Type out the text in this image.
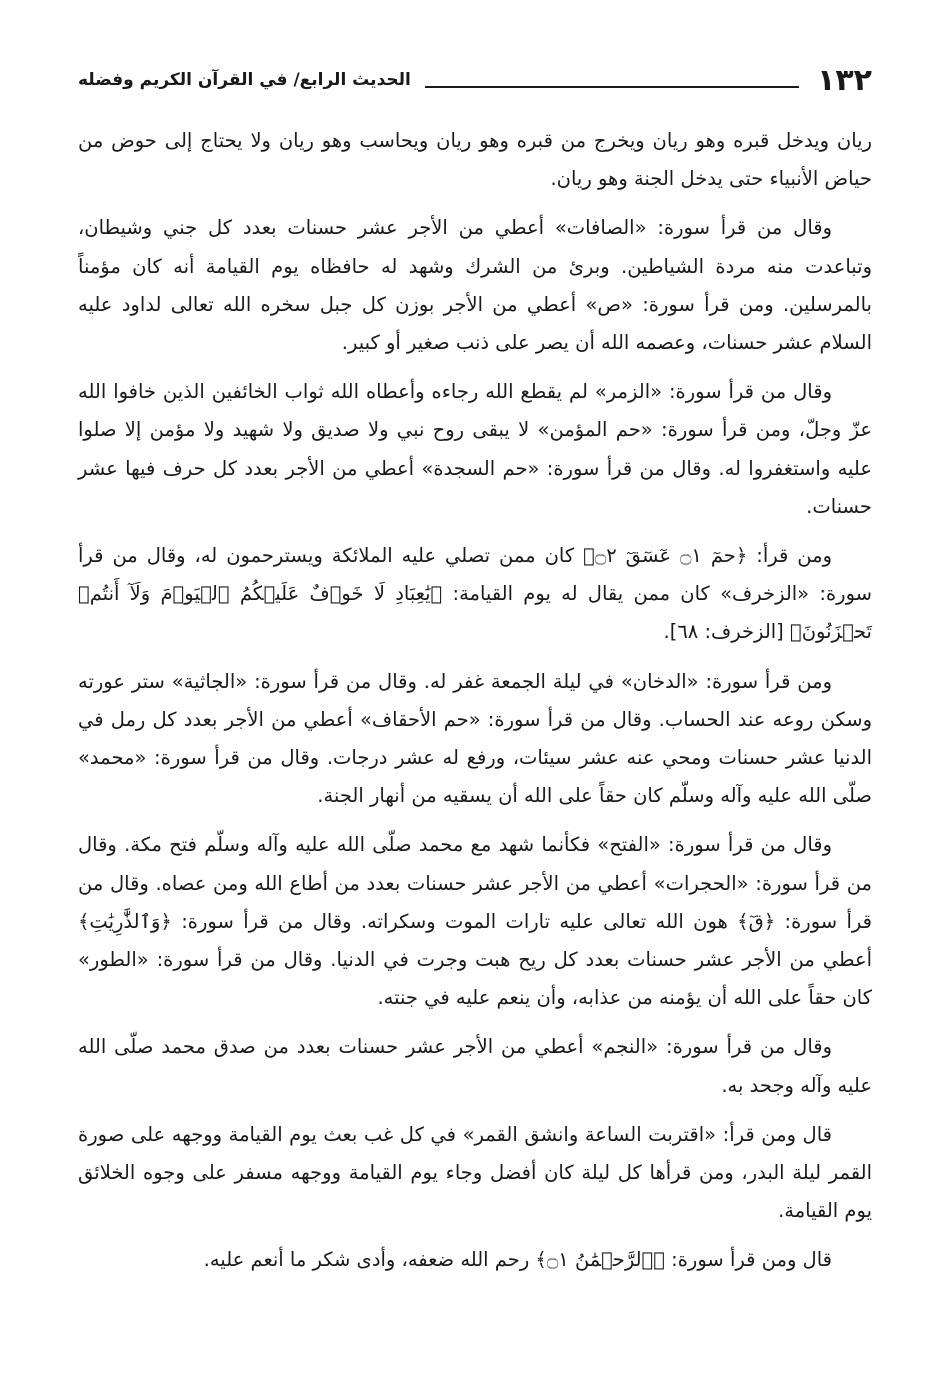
١٣٢
الحديث الرابع/ في القرآن الكريم وفضله

ريان ويدخل قبره وهو ريان ويخرج من قبره وهو ريان ويحاسب وهو ريان ولا يحتاج إلى حوض من حياض الأنبياء حتى يدخل الجنة وهو ريان.

وقال من قرأ سورة: «الصافات» أعطي من الأجر عشر حسنات بعدد كل جني وشيطان، وتباعدت منه مردة الشياطين. وبرئ من الشرك وشهد له حافظاه يوم القيامة أنه كان مؤمناً بالمرسلين. ومن قرأ سورة: «ص» أعطي من الأجر بوزن كل جبل سخره الله تعالى لداود عليه السلام عشر حسنات، وعصمه الله أن يصر على ذنب صغير أو كبير.

وقال من قرأ سورة: «الزمر» لم يقطع الله رجاءه وأعطاه الله ثواب الخائفين الذين خافوا الله عزّ وجلّ، ومن قرأ سورة: «حم المؤمن» لا يبقى روح نبي ولا صديق ولا شهيد ولا مؤمن إلا صلوا عليه واستغفروا له. وقال من قرأ سورة: «حم السجدة» أعطي من الأجر بعدد كل حرف فيها عشر حسنات.

ومن قرأ: ﴿حمٓ ۝١ عٓسٓقٓ ۝٢﴾ كان ممن تصلي عليه الملائكة ويسترحمون له، وقال من قرأ سورة: «الزخرف» كان ممن يقال له يوم القيامة: ﴿يَٰعِبَادِ لَا خَوۡفٌ عَلَيۡكُمُ ٱلۡيَوۡمَ وَلَآ أَنتُمۡ تَحۡزَنُونَ﴾ [الزخرف: ٦٨].

ومن قرأ سورة: «الدخان» في ليلة الجمعة غفر له. وقال من قرأ سورة: «الجاثية» ستر عورته وسكن روعه عند الحساب. وقال من قرأ سورة: «حم الأحقاف» أعطي من الأجر بعدد كل رمل في الدنيا عشر حسنات ومحي عنه عشر سيئات، ورفع له عشر درجات. وقال من قرأ سورة: «محمد» صلّى الله عليه وآله وسلّم كان حقاً على الله أن يسقيه من أنهار الجنة.

وقال من قرأ سورة: «الفتح» فكأنما شهد مع محمد صلّى الله عليه وآله وسلّم فتح مكة. وقال من قرأ سورة: «الحجرات» أعطي من الأجر عشر حسنات بعدد من أطاع الله ومن عصاه. وقال من قرأ سورة: ﴿قٓ﴾ هون الله تعالى عليه تارات الموت وسكراته. وقال من قرأ سورة: ﴿وَٱلذَّٰرِيَٰتِ﴾ أعطي من الأجر عشر حسنات بعدد كل ريح هبت وجرت في الدنيا. وقال من قرأ سورة: «الطور» كان حقاً على الله أن يؤمنه من عذابه، وأن ينعم عليه في جنته.

وقال من قرأ سورة: «النجم» أعطي من الأجر عشر حسنات بعدد من صدق محمد صلّى الله عليه وآله وجحد به.

قال ومن قرأ: «اقتربت الساعة وانشق القمر» في كل غب بعث يوم القيامة ووجهه على صورة القمر ليلة البدر، ومن قرأها كل ليلة كان أفضل وجاء يوم القيامة ووجهه مسفر على وجوه الخلائق يوم القيامة.

قال ومن قرأ سورة: ﴿ٱلرَّحۡمَٰنُ ۝١﴾ رحم الله ضعفه، وأدى شكر ما أنعم عليه.
